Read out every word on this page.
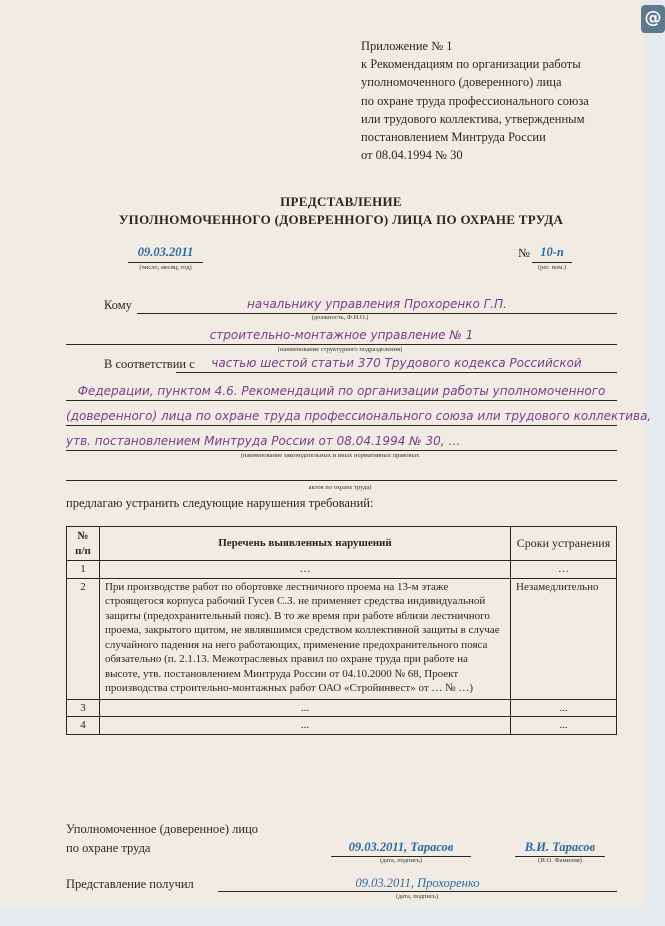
@
Приложение № 1
к Рекомендациям по организации работы
уполномоченного (доверенного) лица
по охране труда профессионального союза
или трудового коллектива, утвержденным
постановлением Минтруда России
от 08.04.1994 № 30
ПРЕДСТАВЛЕНИЕ
УПОЛНОМОЧЕННОГО (ДОВЕРЕННОГО) ЛИЦА ПО ОХРАНЕ ТРУДА
09.03.2011
(число, месяц, год)
№ 10-п
(рег. ном.)
Кому	начальнику управления Прохоренко Г.П.
(должность, Ф.И.О.)
строительно-монтажное управление № 1
(наименование структурного подразделения)
В соответствии с	частью шестой статьи 370 Трудового кодекса Российской
Федерации, пунктом 4.6. Рекомендаций по организации работы уполномоченного
(доверенного) лица по охране труда профессионального союза или трудового коллектива,
утв. постановлением Минтруда России от 08.04.1994 № 30, …
(наименование законодательных и иных нормативных правовых
актов по охране труда)
предлагаю устранить следующие нарушения требований:
№ п/п	Перечень выявленных нарушений	Сроки устранения
1	…	…
2	При производстве работ по обортовке лестничного проема на 13-м этаже строящегося корпуса рабочий Гусев С.З. не применяет средства индивидуальной защиты (предохранительный пояс). В то же время при работе вблизи лестничного проема, закрытого щитом, не являвшимся средством коллективной защиты в случае случайного падения на него работающих, применение предохранительного пояса обязательно (п. 2.1.13. Межотраслевых правил по охране труда при работе на высоте, утв. постановлением Минтруда России от 04.10.2000 № 68, Проект производства строительно-монтажных работ ОАО «Стройинвест» от … № …)	Незамедлительно
3	...	...
4	...	...
Уполномоченное (доверенное) лицо
по охране труда	09.03.2011, Тарасов
(дата, подпись)
В.И. Тарасов
(И.О. Фамилия)
Представление получил	09.03.2011, Прохоренко
(дата, подпись)
